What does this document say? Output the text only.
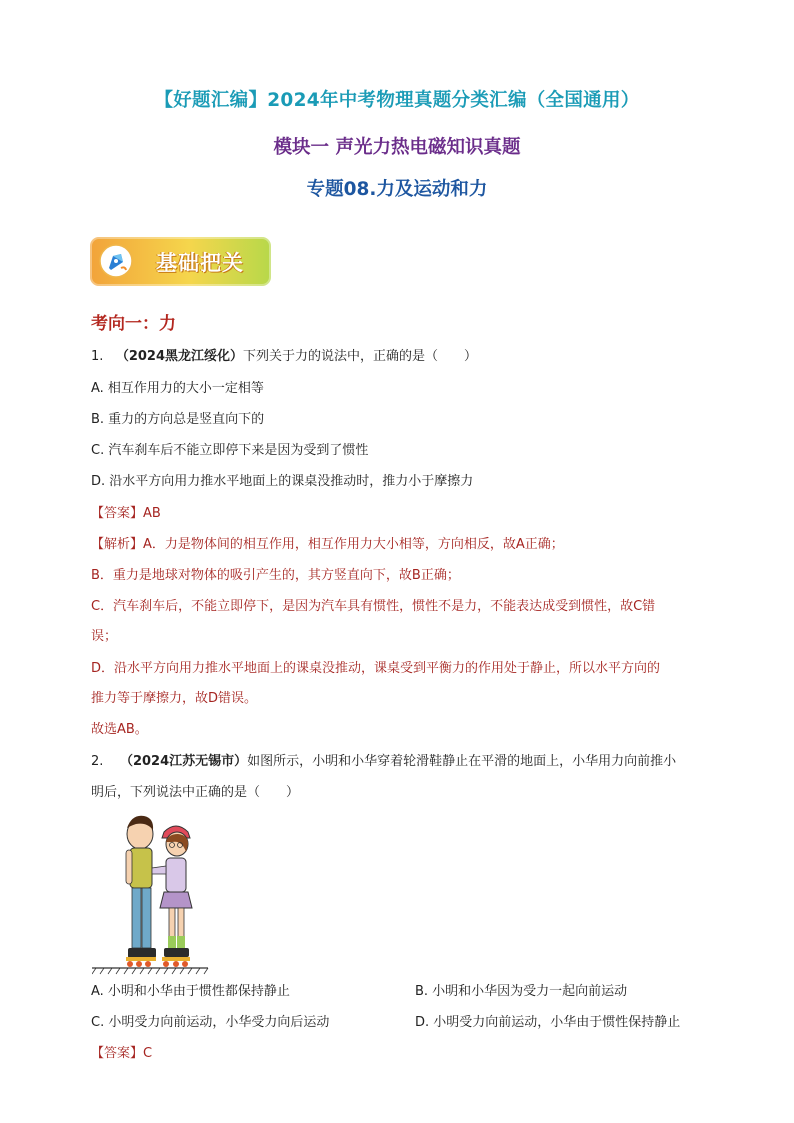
【好题汇编】2024年中考物理真题分类汇编（全国通用）
模块一 声光力热电磁知识真题
专题08.力及运动和力
基础把关
考向一：力
1. （2024黑龙江绥化）下列关于力的说法中，正确的是（　　）
A. 相互作用力的大小一定相等
B. 重力的方向总是竖直向下的
C. 汽车刹车后不能立即停下来是因为受到了惯性
D. 沿水平方向用力推水平地面上的课桌没推动时，推力小于摩擦力
【答案】AB
【解析】A．力是物体间的相互作用，相互作用力大小相等，方向相反，故A正确；
B．重力是地球对物体的吸引产生的，其方竖直向下，故B正确；
C．汽车刹车后，不能立即停下，是因为汽车具有惯性，惯性不是力，不能表达成受到惯性，故C错
误；
D．沿水平方向用力推水平地面上的课桌没推动，课桌受到平衡力的作用处于静止，所以水平方向的
推力等于摩擦力，故D错误。
故选AB。
2. （2024江苏无锡市）如图所示，小明和小华穿着轮滑鞋静止在平滑的地面上，小华用力向前推小
明后，下列说法中正确的是（　　）
A. 小明和小华由于惯性都保持静止	B. 小明和小华因为受力一起向前运动
C. 小明受力向前运动，小华受力向后运动	D. 小明受力向前运动，小华由于惯性保持静止
【答案】C
